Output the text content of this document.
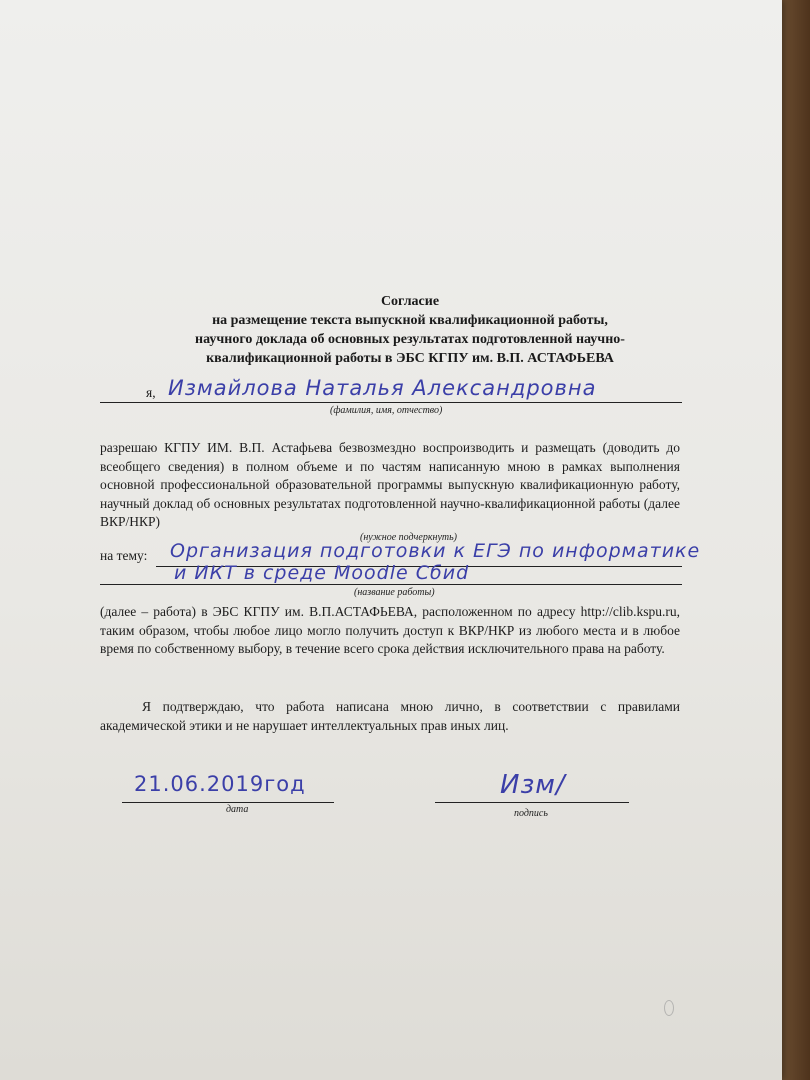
Согласие
на размещение текста выпускной квалификационной работы,
научного доклада об основных результатах подготовленной научно-
квалификационной работы в ЭБС КГПУ им. В.П. АСТАФЬЕВА
я, Измайлова Наталья Александровна
(фамилия, имя, отчество)
разрешаю КГПУ ИМ. В.П. Астафьева безвозмездно воспроизводить и размещать (доводить до всеобщего сведения) в полном объеме и по частям написанную мною в рамках выполнения основной профессиональной образовательной программы выпускную квалификационную работу, научный доклад об основных результатах подготовленной научно-квалификационной работы (далее ВКР/НКР)
(нужное подчеркнуть)
на тему: Организация подготовки к ЕГЭ по информатике
и ИКТ в среде Moodle Сбиd
(название работы)
(далее – работа) в ЭБС КГПУ им. В.П.АСТАФЬЕВА, расположенном по адресу http://clib.kspu.ru, таким образом, чтобы любое лицо могло получить доступ к ВКР/НКР из любого места и в любое время по собственному выбору, в течение всего срока действия исключительного права на работу.
Я подтверждаю, что работа написана мною лично, в соответствии с правилами академической этики и не нарушает интеллектуальных прав иных лиц.
21.06.2019год
дата
Изм/
подпись
